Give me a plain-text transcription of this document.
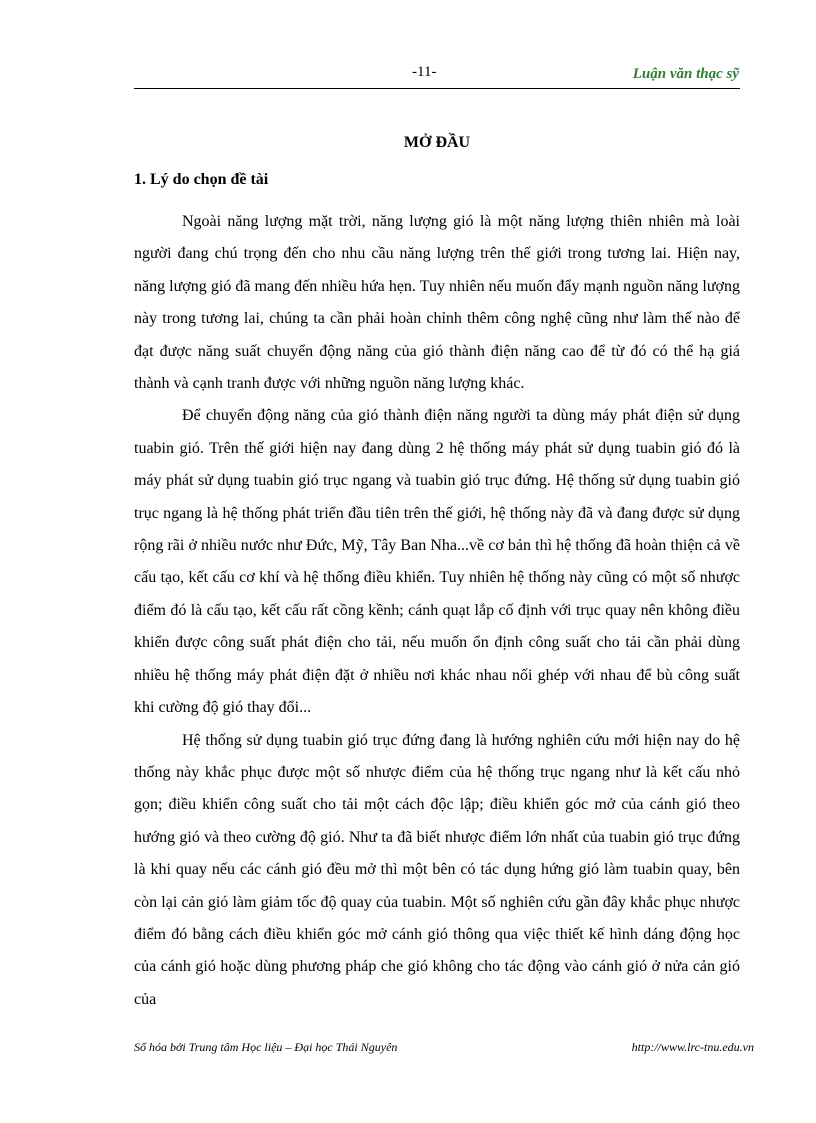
-11-	Luận văn thạc sỹ
MỞ ĐẦU
1. Lý do chọn đề tài

Ngoài năng lượng mặt trời, năng lượng gió là một năng lượng thiên nhiên mà loài người đang chú trọng đến cho nhu cầu năng lượng trên thế giới trong tương lai. Hiện nay, năng lượng gió đã mang đến nhiều hứa hẹn. Tuy nhiên nếu muốn đẩy mạnh nguồn năng lượng này trong tương lai, chúng ta cần phải hoàn chỉnh thêm công nghệ cũng như làm thế nào để đạt được năng suất chuyển động năng của gió thành điện năng cao để từ đó có thể hạ giá thành và cạnh tranh được với những nguồn năng lượng khác.

Để chuyển động năng của gió thành điện năng người ta dùng máy phát điện sử dụng tuabin gió. Trên thế giới hiện nay đang dùng 2 hệ thống máy phát sử dụng tuabin gió đó là máy phát sử dụng tuabin gió trục ngang và tuabin gió trục đứng. Hệ thống sử dụng tuabin gió trục ngang là hệ thống phát triển đầu tiên trên thế giới, hệ thống này đã và đang được sử dụng rộng rãi ở nhiều nước như Đức, Mỹ, Tây Ban Nha...về cơ bản thì hệ thống đã hoàn thiện cả về cấu tạo, kết cấu cơ khí và hệ thống điều khiển. Tuy nhiên hệ thống này cũng có một số nhược điểm đó là cấu tạo, kết cấu rất cồng kềnh; cánh quạt lắp cố định với trục quay nên không điều khiển được công suất phát điện cho tải, nếu muốn ổn định công suất cho tải cần phải dùng nhiều hệ thống máy phát điện đặt ở nhiều nơi khác nhau nối ghép với nhau để bù công suất khi cường độ gió thay đổi...

Hệ thống sử dụng tuabin gió trục đứng đang là hướng nghiên cứu mới hiện nay do hệ thống này khắc phục được một số nhược điểm của hệ thống trục ngang như là kết cấu nhỏ gọn; điều khiển công suất cho tải một cách độc lập; điều khiển góc mở của cánh gió theo hướng gió và theo cường độ gió. Như ta đã biết nhược điểm lớn nhất của tuabin gió trục đứng là khi quay nếu các cánh gió đều mở thì một bên có tác dụng hứng gió làm tuabin quay, bên còn lại cản gió làm giảm tốc độ quay của tuabin. Một số nghiên cứu gần đây khắc phục nhược điểm đó bằng cách điều khiển góc mở cánh gió thông qua việc thiết kế hình dáng động học của cánh gió hoặc dùng phương pháp che gió không cho tác động vào cánh gió ở nửa cản gió của

Số hóa bởi Trung tâm Học liệu – Đại học Thái Nguyên	http://www.lrc-tnu.edu.vn
